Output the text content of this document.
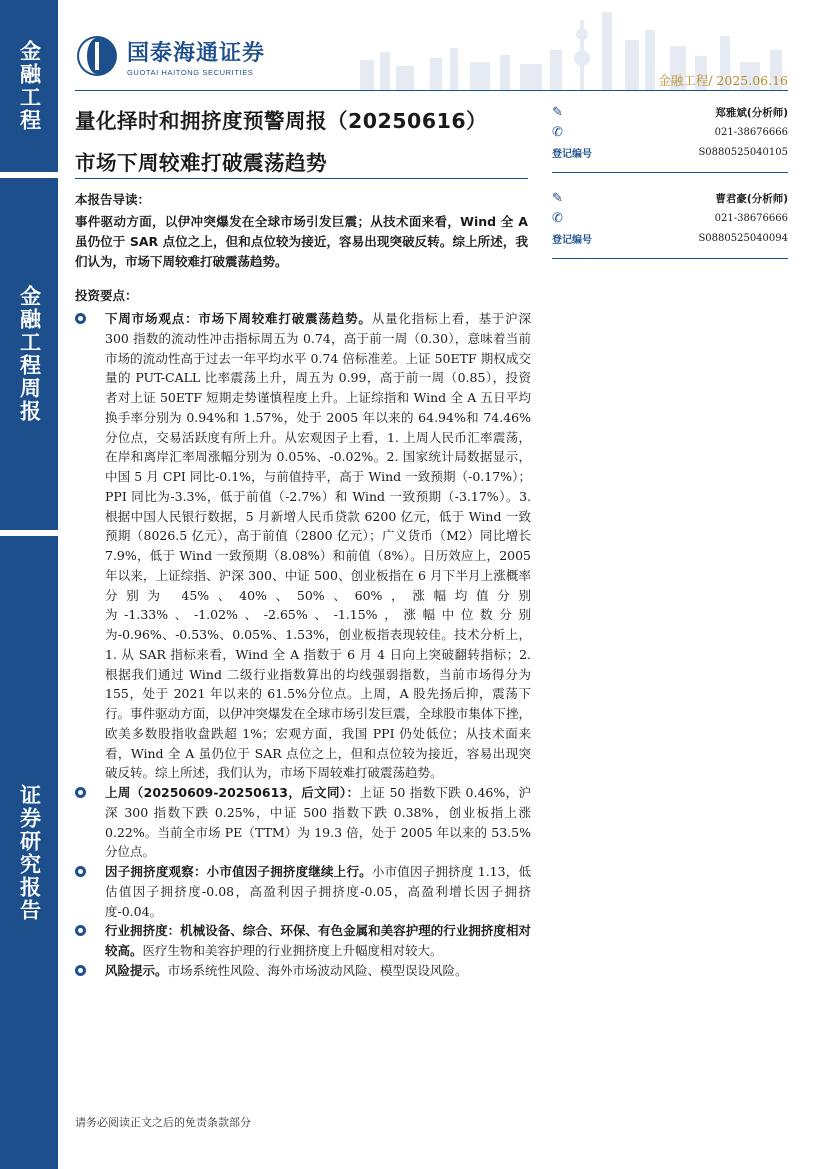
金融工程
金融工程周报
证券研究报告
国泰海通证券
GUOTAI HAITONG SECURITIES
金融工程/ 2025.06.16
量化择时和拥挤度预警周报（20250616）
市场下周较难打破震荡趋势
✎	郑雅斌(分析师)
✆	021-38676666
登记编号	S0880525040105
✎	曹君豪(分析师)
✆	021-38676666
登记编号	S0880525040094
本报告导读：
事件驱动方面，以伊冲突爆发在全球市场引发巨震；从技术面来看，Wind 全 A 虽仍位于 SAR 点位之上，但和点位较为接近，容易出现突破反转。综上所述，我们认为，市场下周较难打破震荡趋势。
投资要点：
下周市场观点：市场下周较难打破震荡趋势。从量化指标上看，基于沪深 300 指数的流动性冲击指标周五为 0.74，高于前一周（0.30），意味着当前市场的流动性高于过去一年平均水平 0.74 倍标准差。上证 50ETF 期权成交量的 PUT-CALL 比率震荡上升，周五为 0.99，高于前一周（0.85），投资者对上证 50ETF 短期走势谨慎程度上升。上证综指和 Wind 全 A 五日平均换手率分别为 0.94%和 1.57%，处于 2005 年以来的 64.94%和 74.46%分位点，交易活跃度有所上升。从宏观因子上看，1. 上周人民币汇率震荡，在岸和离岸汇率周涨幅分别为 0.05%、-0.02%。2. 国家统计局数据显示，中国 5 月 CPI 同比-0.1%，与前值持平，高于 Wind 一致预期（-0.17%）；PPI 同比为-3.3%，低于前值（-2.7%）和 Wind 一致预期（-3.17%）。3. 根据中国人民银行数据，5 月新增人民币贷款 6200 亿元，低于 Wind 一致预期（8026.5 亿元），高于前值（2800 亿元）；广义货币（M2）同比增长 7.9%，低于 Wind 一致预期（8.08%）和前值（8%）。日历效应上，2005 年以来，上证综指、沪深 300、中证 500、创业板指在 6 月下半月上涨概率分别为 45%、40%、50%、60%，涨幅均值分别为-1.33%、-1.02%、-2.65%、-1.15%，涨幅中位数分别为-0.96%、-0.53%、0.05%、1.53%，创业板指表现较佳。技术分析上，1. 从 SAR 指标来看，Wind 全 A 指数于 6 月 4 日向上突破翻转指标；2. 根据我们通过 Wind 二级行业指数算出的均线强弱指数，当前市场得分为 155，处于 2021 年以来的 61.5%分位点。上周，A 股先扬后抑，震荡下行。事件驱动方面，以伊冲突爆发在全球市场引发巨震，全球股市集体下挫，欧美多数股指收盘跌超 1%；宏观方面，我国 PPI 仍处低位；从技术面来看，Wind 全 A 虽仍位于 SAR 点位之上，但和点位较为接近，容易出现突破反转。综上所述，我们认为，市场下周较难打破震荡趋势。
上周（20250609-20250613，后文同）：上证 50 指数下跌 0.46%，沪深 300 指数下跌 0.25%，中证 500 指数下跌 0.38%，创业板指上涨 0.22%。当前全市场 PE（TTM）为 19.3 倍，处于 2005 年以来的 53.5%分位点。
因子拥挤度观察：小市值因子拥挤度继续上行。小市值因子拥挤度 1.13，低估值因子拥挤度-0.08，高盈利因子拥挤度-0.05，高盈利增长因子拥挤度-0.04。
行业拥挤度：机械设备、综合、环保、有色金属和美容护理的行业拥挤度相对较高。医疗生物和美容护理的行业拥挤度上升幅度相对较大。
风险提示。市场系统性风险、海外市场波动风险、模型误设风险。
请务必阅读正文之后的免责条款部分
